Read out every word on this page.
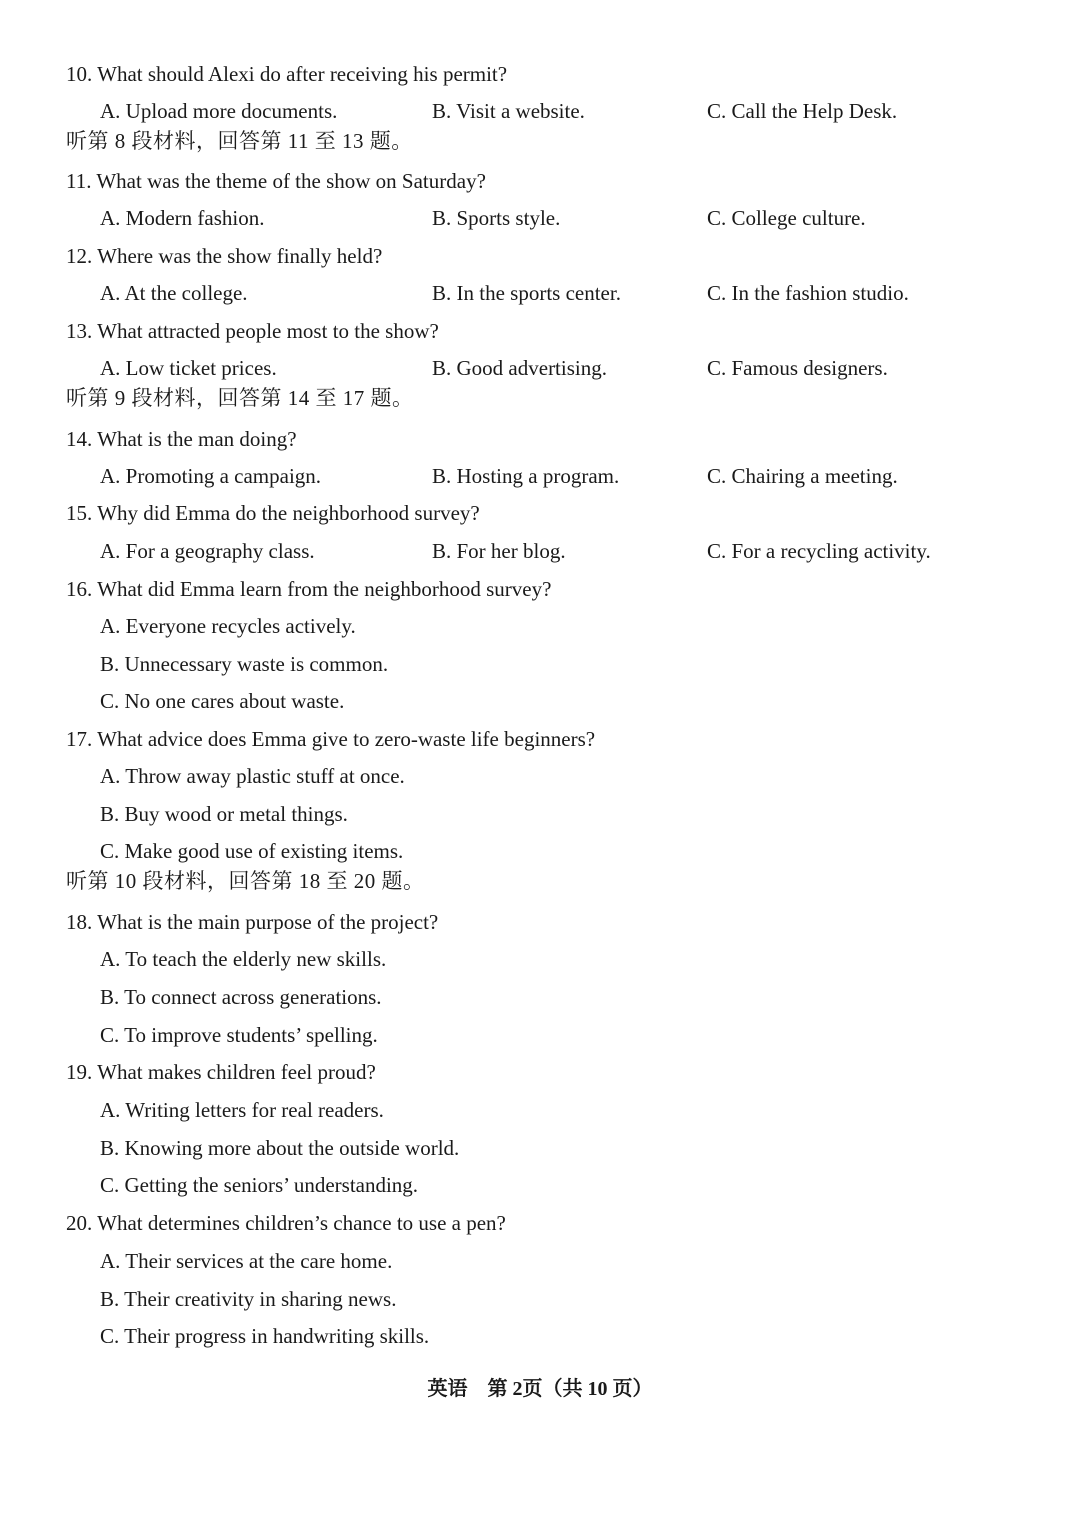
10. What should Alexi do after receiving his permit?
A. Upload more documents.	B. Visit a website.	C. Call the Help Desk.
听第 8 段材料，回答第 11 至 13 题。
11. What was the theme of the show on Saturday?
A. Modern fashion.	B. Sports style.	C. College culture.
12. Where was the show finally held?
A. At the college.	B. In the sports center.	C. In the fashion studio.
13. What attracted people most to the show?
A. Low ticket prices.	B. Good advertising.	C. Famous designers.
听第 9 段材料，回答第 14 至 17 题。
14. What is the man doing?
A. Promoting a campaign.	B. Hosting a program.	C. Chairing a meeting.
15. Why did Emma do the neighborhood survey?
A. For a geography class.	B. For her blog.	C. For a recycling activity.
16. What did Emma learn from the neighborhood survey?
A. Everyone recycles actively.
B. Unnecessary waste is common.
C. No one cares about waste.
17. What advice does Emma give to zero-waste life beginners?
A. Throw away plastic stuff at once.
B. Buy wood or metal things.
C. Make good use of existing items.
听第 10 段材料，回答第 18 至 20 题。
18. What is the main purpose of the project?
A. To teach the elderly new skills.
B. To connect across generations.
C. To improve students’ spelling.
19. What makes children feel proud?
A. Writing letters for real readers.
B. Knowing more about the outside world.
C. Getting the seniors’ understanding.
20. What determines children’s chance to use a pen?
A. Their services at the care home.
B. Their creativity in sharing news.
C. Their progress in handwriting skills.
英语　第 2页（共 10 页）
